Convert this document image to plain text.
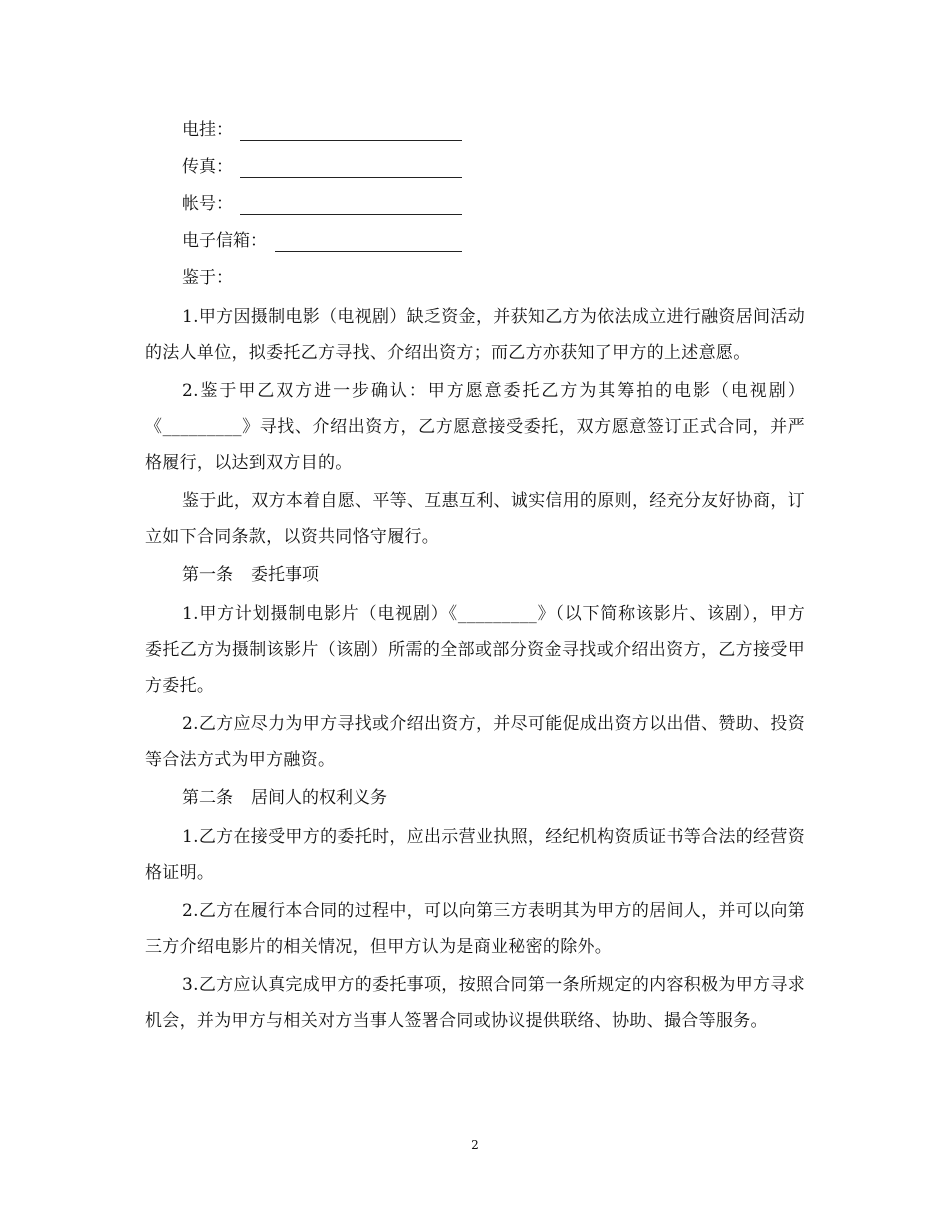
电挂：
传真：
帐号：
电子信箱：
鉴于：

1.甲方因摄制电影（电视剧）缺乏资金，并获知乙方为依法成立进行融资居间活动的法人单位，拟委托乙方寻找、介绍出资方；而乙方亦获知了甲方的上述意愿。

2.鉴于甲乙双方进一步确认：甲方愿意委托乙方为其筹拍的电影（电视剧）《_________》寻找、介绍出资方，乙方愿意接受委托，双方愿意签订正式合同，并严格履行，以达到双方目的。

鉴于此，双方本着自愿、平等、互惠互利、诚实信用的原则，经充分友好协商，订立如下合同条款，以资共同恪守履行。

第一条 委托事项

1.甲方计划摄制电影片（电视剧）《_________》（以下简称该影片、该剧），甲方委托乙方为摄制该影片（该剧）所需的全部或部分资金寻找或介绍出资方，乙方接受甲方委托。

2.乙方应尽力为甲方寻找或介绍出资方，并尽可能促成出资方以出借、赞助、投资等合法方式为甲方融资。

第二条 居间人的权利义务

1.乙方在接受甲方的委托时，应出示营业执照，经纪机构资质证书等合法的经营资格证明。

2.乙方在履行本合同的过程中，可以向第三方表明其为甲方的居间人，并可以向第三方介绍电影片的相关情况，但甲方认为是商业秘密的除外。

3.乙方应认真完成甲方的委托事项，按照合同第一条所规定的内容积极为甲方寻求机会，并为甲方与相关对方当事人签署合同或协议提供联络、协助、撮合等服务。

2
